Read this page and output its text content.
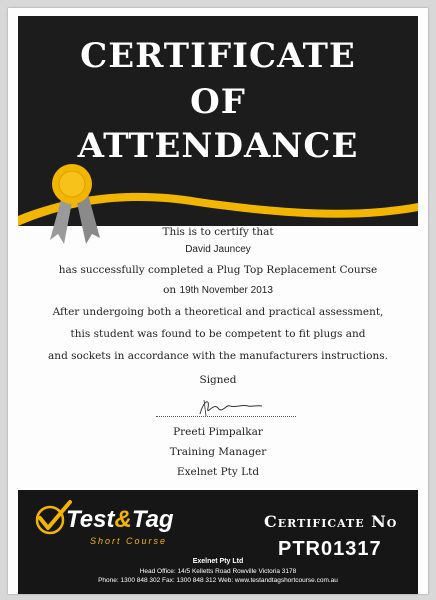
CERTIFICATE
OF
ATTENDANCE
This is to certify that
David Jauncey
has successfully completed a Plug Top Replacement Course
on 19th November 2013
After undergoing both a theoretical and practical assessment,
this student was found to be competent to fit plugs and
and sockets in accordance with the manufacturers instructions.
Signed
Preeti Pimpalkar
Training Manager
Exelnet Pty Ltd
Test&Tag
Short Course
Certificate No
PTR01317
Exelnet Pty Ltd
Head Office: 14/5 Kelletts Road Rowville Victoria 3178
Phone: 1300 848 302 Fax: 1300 848 312 Web: www.testandtagshortcourse.com.au
